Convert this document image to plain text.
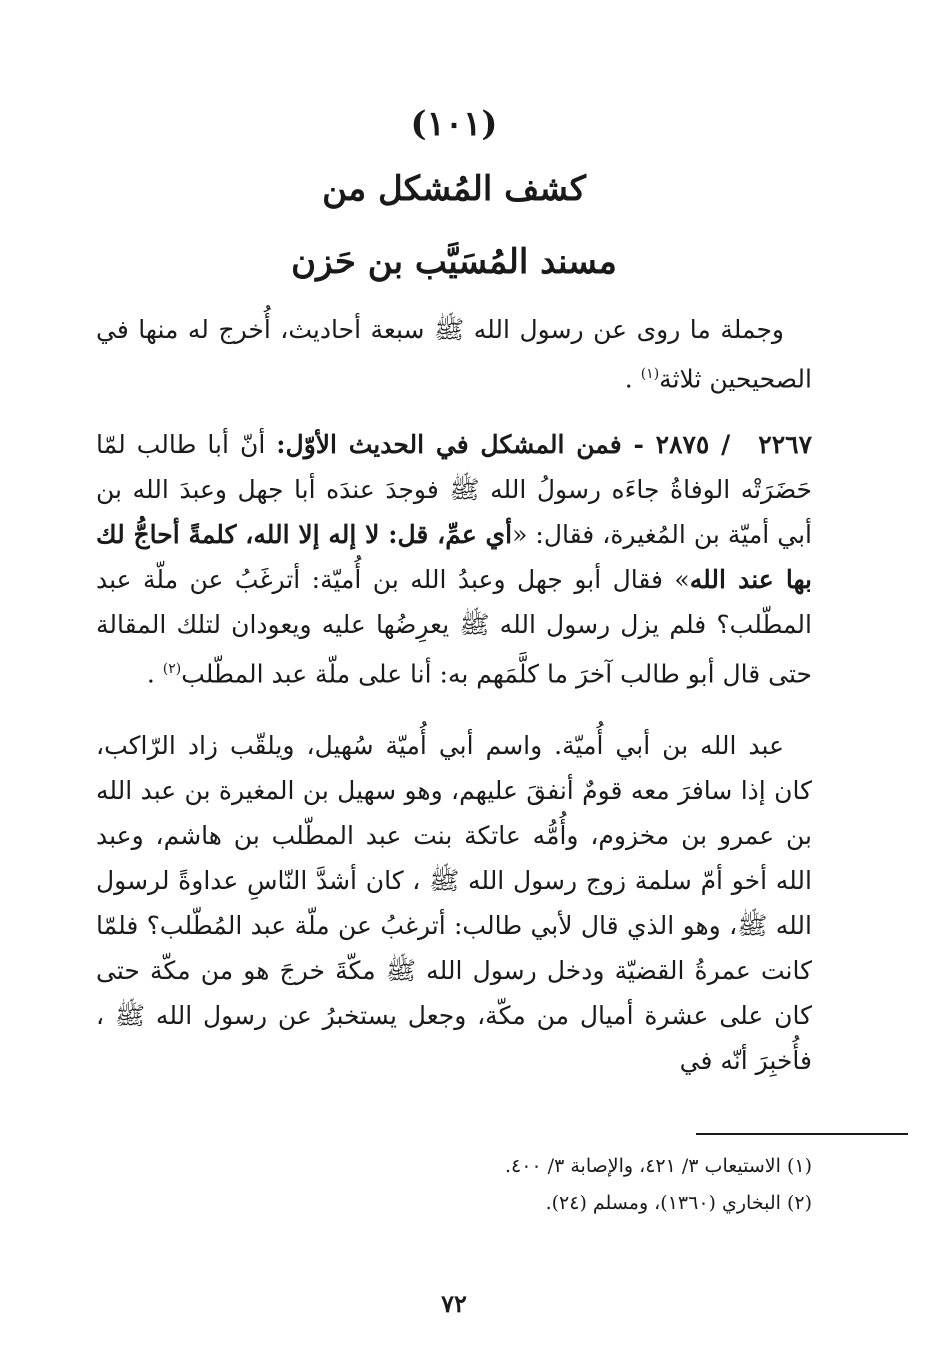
(١٠١)
كشف المُشكل من
مسند المُسَيَّب بن حَزن

وجملة ما روى عن رسول الله ﷺ سبعة أحاديث، أُخرج له منها في الصحيحين ثلاثة$^{(١)}$ .

٢٢٦٧/ ٢٨٧٥ - فمن المشكل في الحديث الأوّل: أنّ أبا طالب لمّا حَضَرَتْه الوفاةُ جاءَه رسولُ الله ﷺ فوجدَ عندَه أبا جهل وعبدَ الله بن أبي أميّة بن المُغيرة، فقال: «أي عمِّ، قل: لا إله إلا الله، كلمةً أحاجُّ لك بها عند الله» فقال أبو جهل وعبدُ الله بن أُميّة: أترغَبُ عن ملّة عبد المطّلب؟ فلم يزل رسول الله ﷺ يعرِضُها عليه ويعودان لتلك المقالة حتى قال أبو طالب آخرَ ما كلَّمَهم به: أنا على ملّة عبد المطّلب$^{(٢)}$ .

عبد الله بن أبي أُميّة. واسم أبي أُميّة سُهيل، ويلقّب زاد الرّاكب، كان إذا سافرَ معه قومٌ أنفقَ عليهم، وهو سهيل بن المغيرة بن عبد الله بن عمرو بن مخزوم، وأُمُّه عاتكة بنت عبد المطّلب بن هاشم، وعبد الله أخو أمّ سلمة زوج رسول الله ﷺ ، كان أشدَّ النّاسِ عداوةً لرسول الله ﷺ، وهو الذي قال لأبي طالب: أترغبُ عن ملّة عبد المُطّلب؟ فلمّا كانت عمرةُ القضيّة ودخل رسول الله ﷺ مكّةَ خرجَ هو من مكّة حتى كان على عشرة أميال من مكّة، وجعل يستخبرُ عن رسول الله ﷺ ، فأُخبِرَ أنّه في

(١) الاستيعاب ٣/ ٤٢١، والإصابة ٣/ ٤٠٠.

(٢) البخاري (١٣٦٠)، ومسلم (٢٤).

٧٢
